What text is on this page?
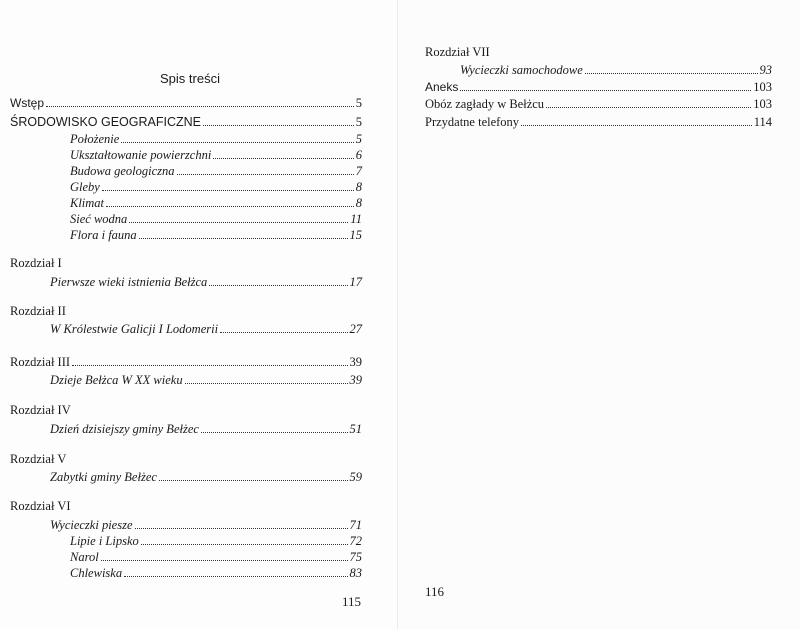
Spis treści
Wstęp	5
ŚRODOWISKO GEOGRAFICZNE	5
Położenie	5
Ukształtowanie powierzchni	6
Budowa geologiczna	7
Gleby	8
Klimat	8
Sieć wodna	11
Flora i fauna	15
Rozdział I
Pierwsze wieki istnienia Bełżca	17
Rozdział II
W Królestwie Galicji I Lodomerii	27
Rozdział III	39
Dzieje Bełżca W XX wieku	39
Rozdział IV
Dzień dzisiejszy gminy Bełżec	51
Rozdział V
Zabytki gminy Bełżec	59
Rozdział VI
Wycieczki piesze	71
Lipie i Lipsko	72
Narol	75
Chlewiska	83
115
Rozdział VII
Wycieczki samochodowe	93
Aneks	103
Obóz zagłady w Bełżcu	103
Przydatne telefony	114
116
